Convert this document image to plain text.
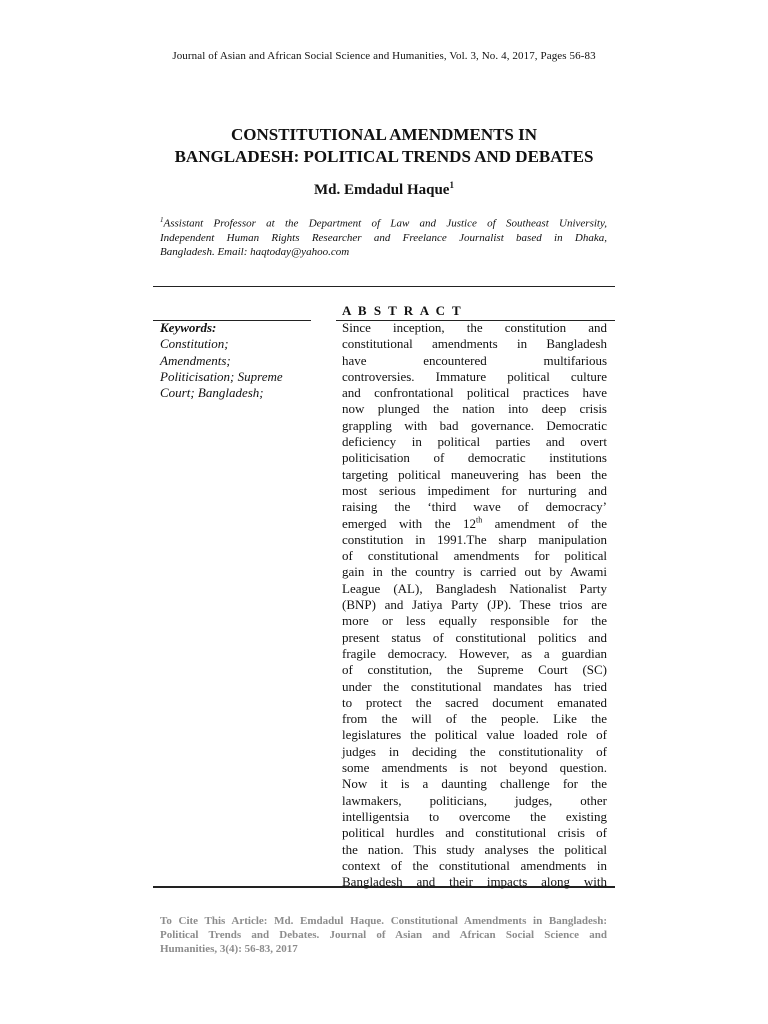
Journal of Asian and African Social Science and Humanities, Vol. 3, No. 4, 2017, Pages 56-83
CONSTITUTIONAL AMENDMENTS IN
BANGLADESH: POLITICAL TRENDS AND DEBATES
Md. Emdadul Haque$^1$
$^1$Assistant Professor at the Department of Law and Justice of Southeast University,
Independent Human Rights Researcher and Freelance Journalist based in Dhaka,
Bangladesh. Email: haqtoday@yahoo.com
A B S T R A C T
Keywords:
Constitution;
Amendments;
Politicisation; Supreme
Court; Bangladesh;
Since inception, the constitution and
constitutional amendments in Bangladesh
have encountered multifarious
controversies. Immature political culture
and confrontational political practices have
now plunged the nation into deep crisis
grappling with bad governance. Democratic
deficiency in political parties and overt
politicisation of democratic institutions
targeting political maneuvering has been the
most serious impediment for nurturing and
raising the ‘third wave of democracy’
emerged with the 12th amendment of the
constitution in 1991.The sharp manipulation
of constitutional amendments for political
gain in the country is carried out by Awami
League (AL), Bangladesh Nationalist Party
(BNP) and Jatiya Party (JP). These trios are
more or less equally responsible for the
present status of constitutional politics and
fragile democracy. However, as a guardian
of constitution, the Supreme Court (SC)
under the constitutional mandates has tried
to protect the sacred document emanated
from the will of the people. Like the
legislatures the political value loaded role of
judges in deciding the constitutionality of
some amendments is not beyond question.
Now it is a daunting challenge for the
lawmakers, politicians, judges, other
intelligentsia to overcome the existing
political hurdles and constitutional crisis of
the nation. This study analyses the political
context of the constitutional amendments in
Bangladesh and their impacts along with
To Cite This Article: Md. Emdadul Haque. Constitutional Amendments in Bangladesh:
Political Trends and Debates. Journal of Asian and African Social Science and
Humanities, 3(4): 56-83, 2017
